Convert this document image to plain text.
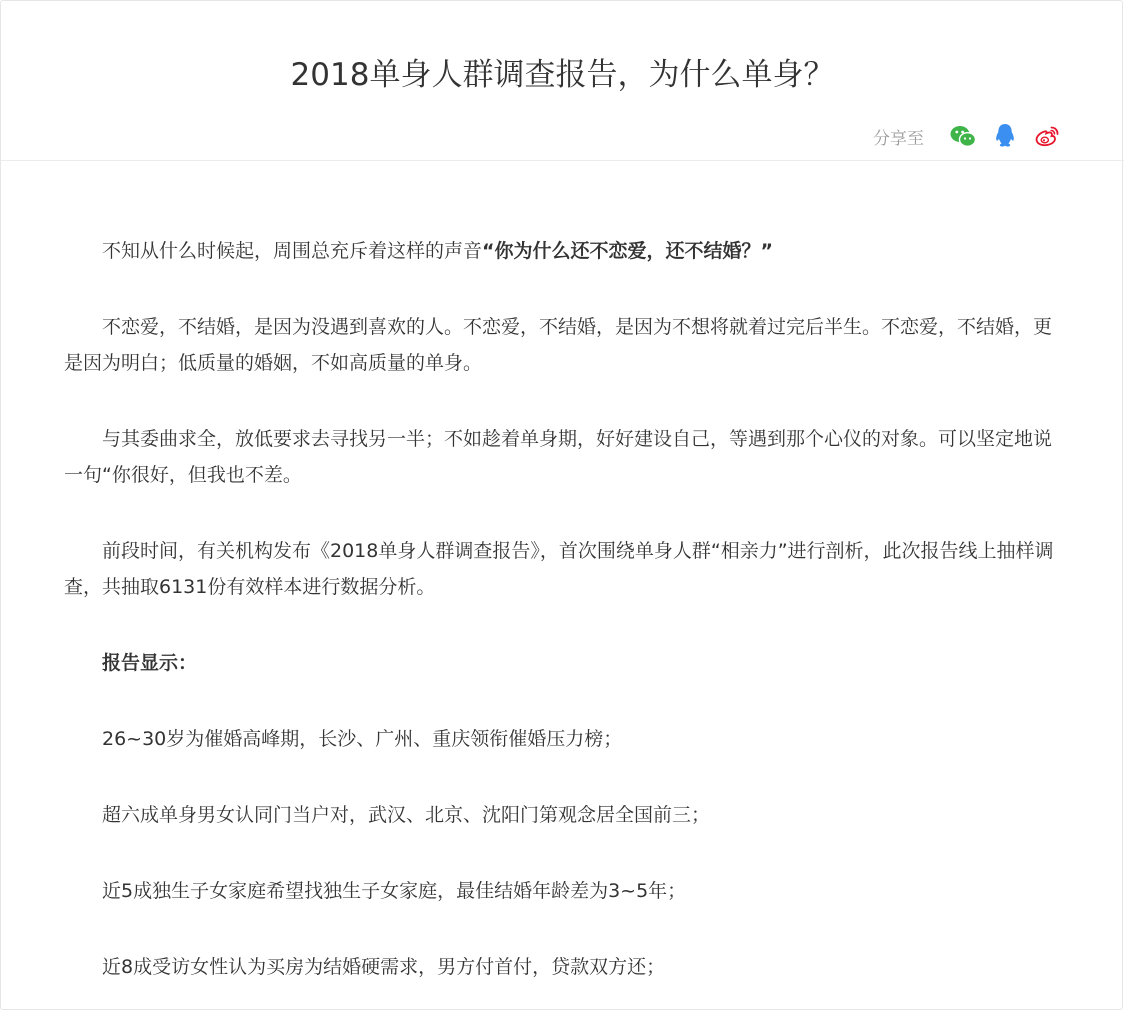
2018单身人群调查报告，为什么单身？
分享至

不知从什么时候起，周围总充斥着这样的声音“你为什么还不恋爱，还不结婚？”

不恋爱，不结婚，是因为没遇到喜欢的人。不恋爱，不结婚，是因为不想将就着过完后半生。不恋爱，不结婚，更是因为明白；低质量的婚姻，不如高质量的单身。

与其委曲求全，放低要求去寻找另一半；不如趁着单身期，好好建设自己，等遇到那个心仪的对象。可以坚定地说一句“你很好，但我也不差。

前段时间，有关机构发布《2018单身人群调查报告》，首次围绕单身人群“相亲力”进行剖析，此次报告线上抽样调查，共抽取6131份有效样本进行数据分析。

报告显示：

26~30岁为催婚高峰期，长沙、广州、重庆领衔催婚压力榜；

超六成单身男女认同门当户对，武汉、北京、沈阳门第观念居全国前三；

近5成独生子女家庭希望找独生子女家庭，最佳结婚年龄差为3~5年；

近8成受访女性认为买房为结婚硬需求，男方付首付，贷款双方还；
